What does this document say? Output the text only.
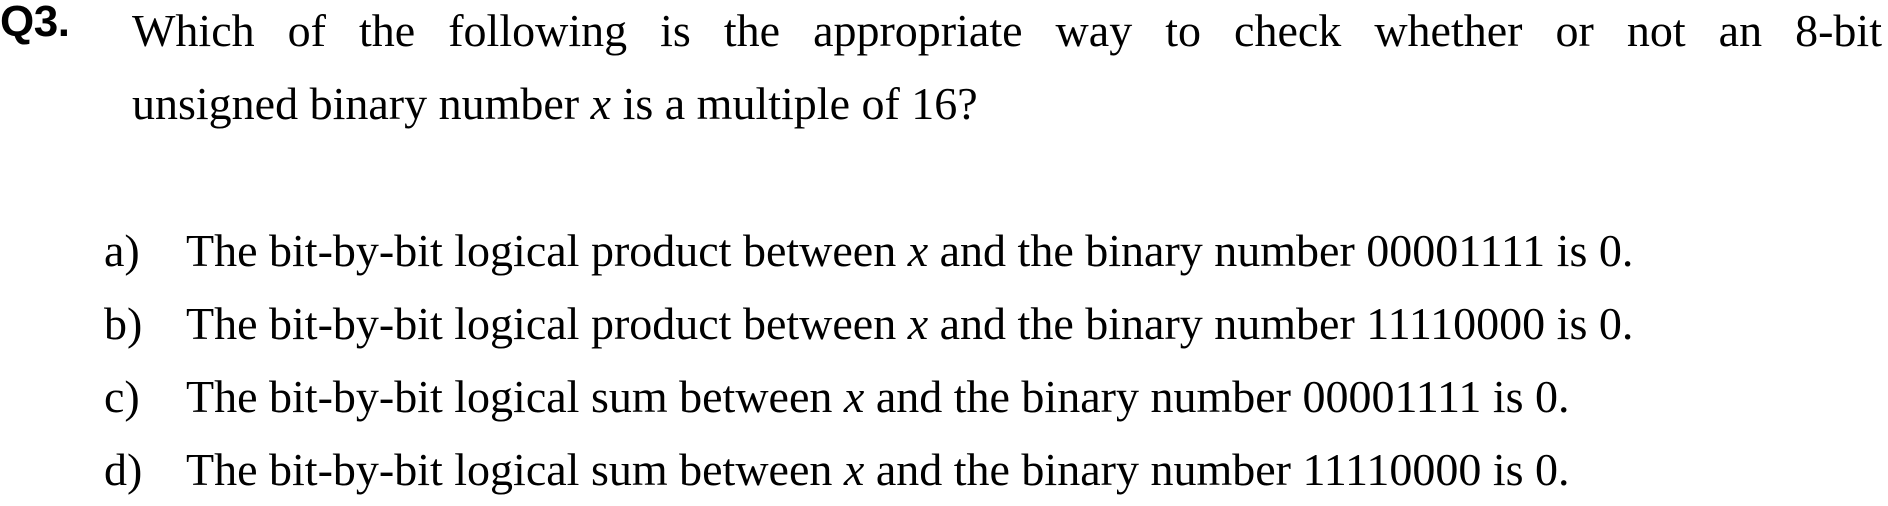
Q3. Which of the following is the appropriate way to check whether or not an 8-bit
unsigned binary number x is a multiple of 16?
a) The bit-by-bit logical product between x and the binary number 00001111 is 0.
b) The bit-by-bit logical product between x and the binary number 11110000 is 0.
c) The bit-by-bit logical sum between x and the binary number 00001111 is 0.
d) The bit-by-bit logical sum between x and the binary number 11110000 is 0.
